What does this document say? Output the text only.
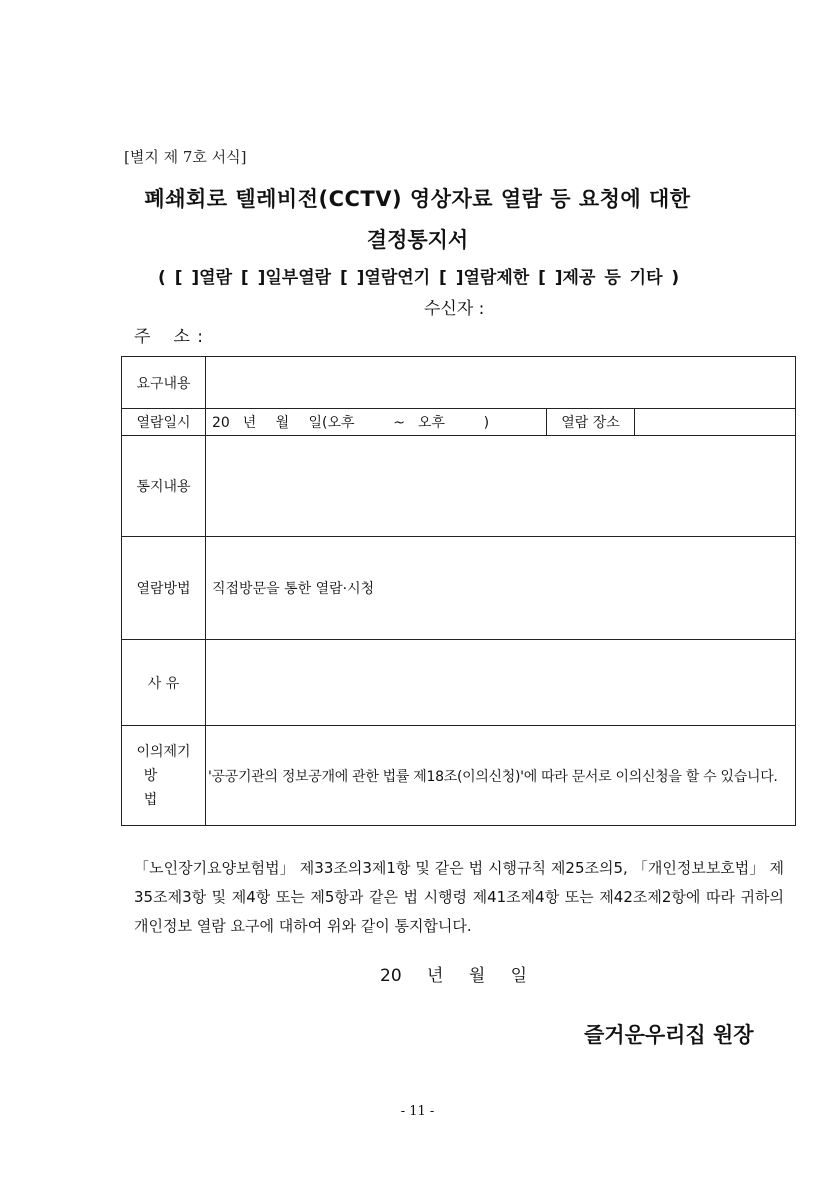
[별지 제 7호 서식]
폐쇄회로 텔레비전(CCTV) 영상자료 열람 등 요청에 대한
결정통지서
( [ ]열람 [ ]일부열람 [ ]열람연기 [ ]열람제한 [ ]제공 등 기타 )
수신자 :
주 소 :
요구내용			
열람일시	20  년   월   일(오후      ~  오후      )	열람 장소	
통지내용			
열람방법	직접방문을 통한 열람·시청		
사 유			

이의제기
방 법	'공공기관의 정보공개에 관한 법률 제18조(이의신청)'에 따라 문서로 이의신청을 할 수 있습니다.		
「노인장기요양보험법」 제33조의3제1항 및 같은 법 시행규칙 제25조의5, 「개인정보보호법」 제35조제3항 및 제4항 또는 제5항과 같은 법 시행령 제41조제4항 또는 제42조제2항에 따라 귀하의 개인정보 열람 요구에 대하여 위와 같이 통지합니다.
20 년 월 일
즐거운우리집 원장
- 11 -
